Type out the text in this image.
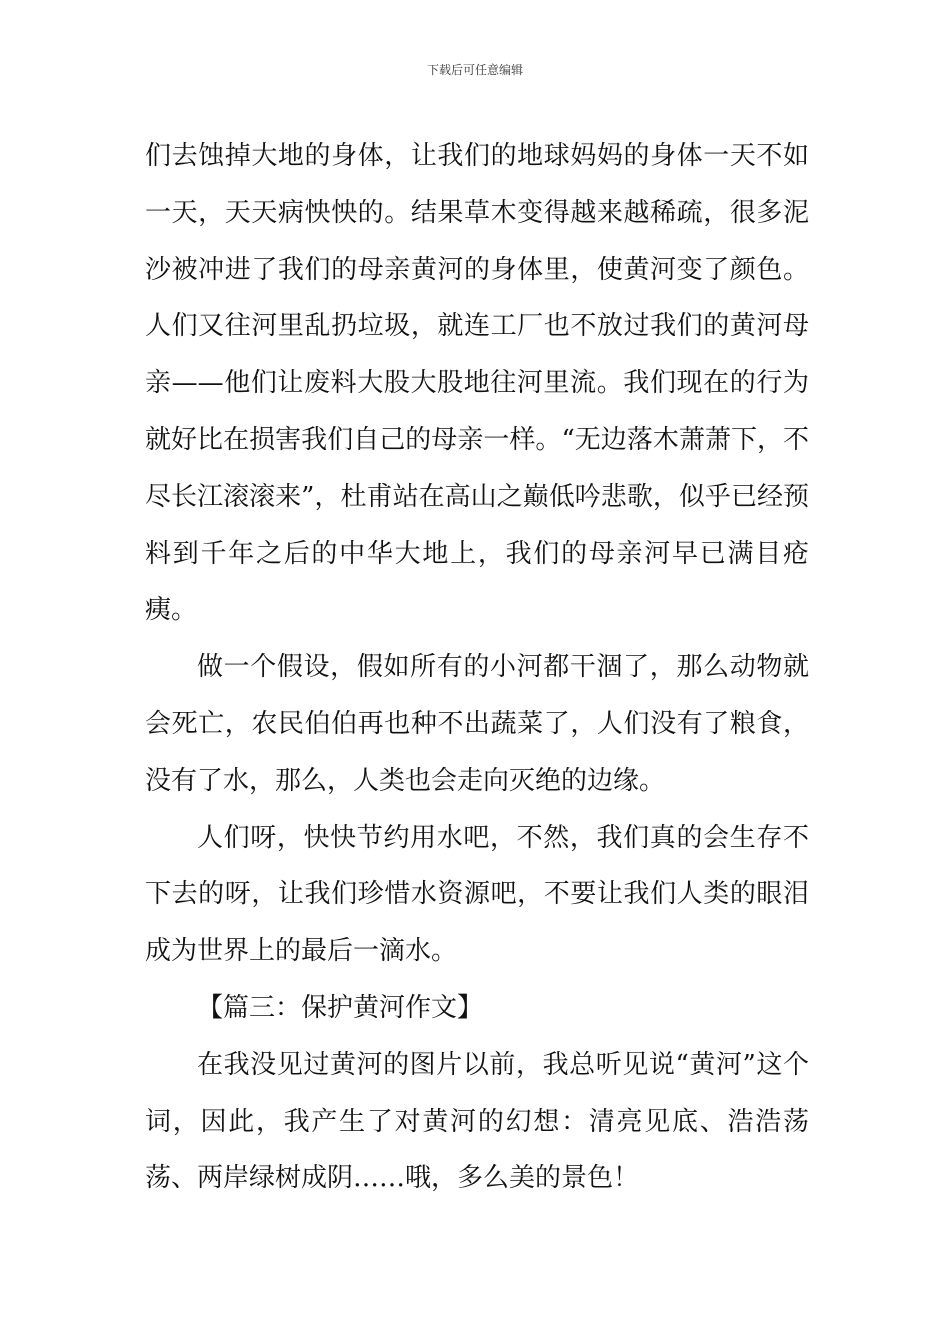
下载后可任意编辑

们去蚀掉大地的身体，让我们的地球妈妈的身体一天不如一天，天天病怏怏的。结果草木变得越来越稀疏，很多泥沙被冲进了我们的母亲黄河的身体里，使黄河变了颜色。人们又往河里乱扔垃圾，就连工厂也不放过我们的黄河母亲——他们让废料大股大股地往河里流。我们现在的行为就好比在损害我们自己的母亲一样。“无边落木萧萧下，不尽长江滚滚来”，杜甫站在高山之巅低吟悲歌，似乎已经预料到千年之后的中华大地上，我们的母亲河早已满目疮痍。

做一个假设，假如所有的小河都干涸了，那么动物就会死亡，农民伯伯再也种不出蔬菜了，人们没有了粮食，没有了水，那么，人类也会走向灭绝的边缘。

人们呀，快快节约用水吧，不然，我们真的会生存不下去的呀，让我们珍惜水资源吧，不要让我们人类的眼泪成为世界上的最后一滴水。

【篇三：保护黄河作文】

在我没见过黄河的图片以前，我总听见说“黄河”这个词，因此，我产生了对黄河的幻想：清亮见底、浩浩荡荡、两岸绿树成阴……哦，多么美的景色！
